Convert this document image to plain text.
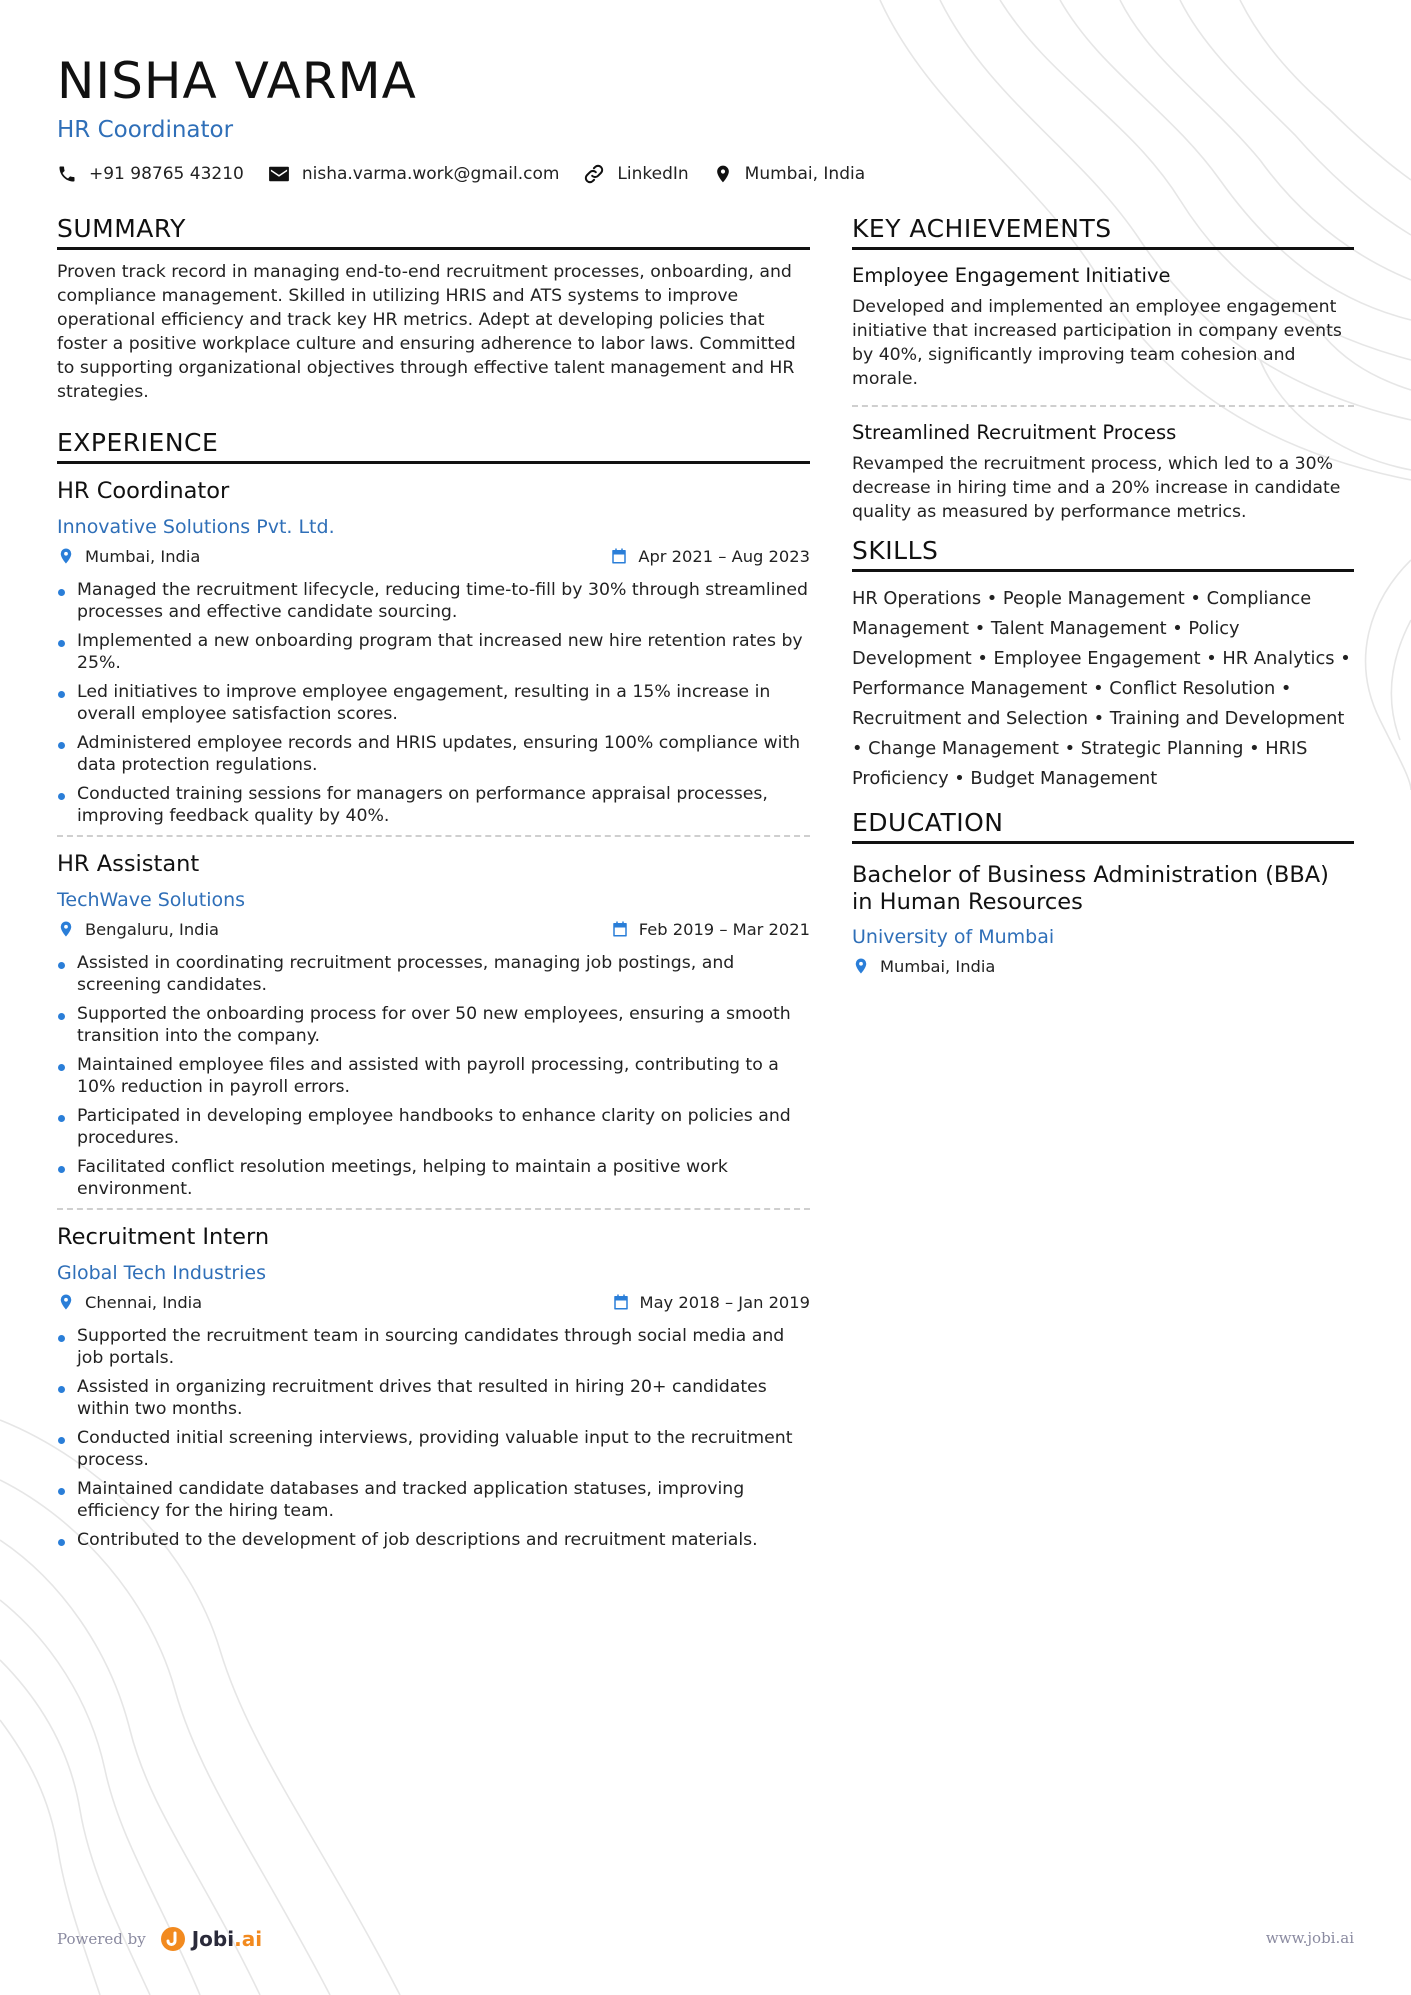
NISHA VARMA
HR Coordinator
+91 98765 43210	nisha.varma.work@gmail.com	LinkedIn	Mumbai, India
SUMMARY

Proven track record in managing end-to-end recruitment processes, onboarding, and compliance management. Skilled in utilizing HRIS and ATS systems to improve operational efficiency and track key HR metrics. Adept at developing policies that foster a positive workplace culture and ensuring adherence to labor laws. Committed to supporting organizational objectives through effective talent management and HR strategies.

EXPERIENCE
HR Coordinator
Innovative Solutions Pvt. Ltd.
Mumbai, India	Apr 2021 – Aug 2023
Managed the recruitment lifecycle, reducing time-to-fill by 30% through streamlined processes and effective candidate sourcing.
Implemented a new onboarding program that increased new hire retention rates by 25%.
Led initiatives to improve employee engagement, resulting in a 15% increase in overall employee satisfaction scores.
Administered employee records and HRIS updates, ensuring 100% compliance with data protection regulations.
Conducted training sessions for managers on performance appraisal processes, improving feedback quality by 40%.
HR Assistant
TechWave Solutions
Bengaluru, India	Feb 2019 – Mar 2021
Assisted in coordinating recruitment processes, managing job postings, and screening candidates.
Supported the onboarding process for over 50 new employees, ensuring a smooth transition into the company.
Maintained employee files and assisted with payroll processing, contributing to a 10% reduction in payroll errors.
Participated in developing employee handbooks to enhance clarity on policies and procedures.
Facilitated conflict resolution meetings, helping to maintain a positive work environment.
Recruitment Intern
Global Tech Industries
Chennai, India	May 2018 – Jan 2019
Supported the recruitment team in sourcing candidates through social media and job portals.
Assisted in organizing recruitment drives that resulted in hiring 20+ candidates within two months.
Conducted initial screening interviews, providing valuable input to the recruitment process.
Maintained candidate databases and tracked application statuses, improving efficiency for the hiring team.
Contributed to the development of job descriptions and recruitment materials.
KEY ACHIEVEMENTS
Employee Engagement Initiative

Developed and implemented an employee engagement initiative that increased participation in company events by 40%, significantly improving team cohesion and morale.

Streamlined Recruitment Process

Revamped the recruitment process, which led to a 30% decrease in hiring time and a 20% increase in candidate quality as measured by performance metrics.

SKILLS

HR Operations • People Management • Compliance Management • Talent Management • Policy Development • Employee Engagement • HR Analytics • Performance Management • Conflict Resolution • Recruitment and Selection • Training and Development • Change Management • Strategic Planning • HRIS Proficiency • Budget Management

EDUCATION
Bachelor of Business Administration (BBA) in Human Resources
University of Mumbai
Mumbai, India
Powered by Jobi .ai	www.jobi.ai
